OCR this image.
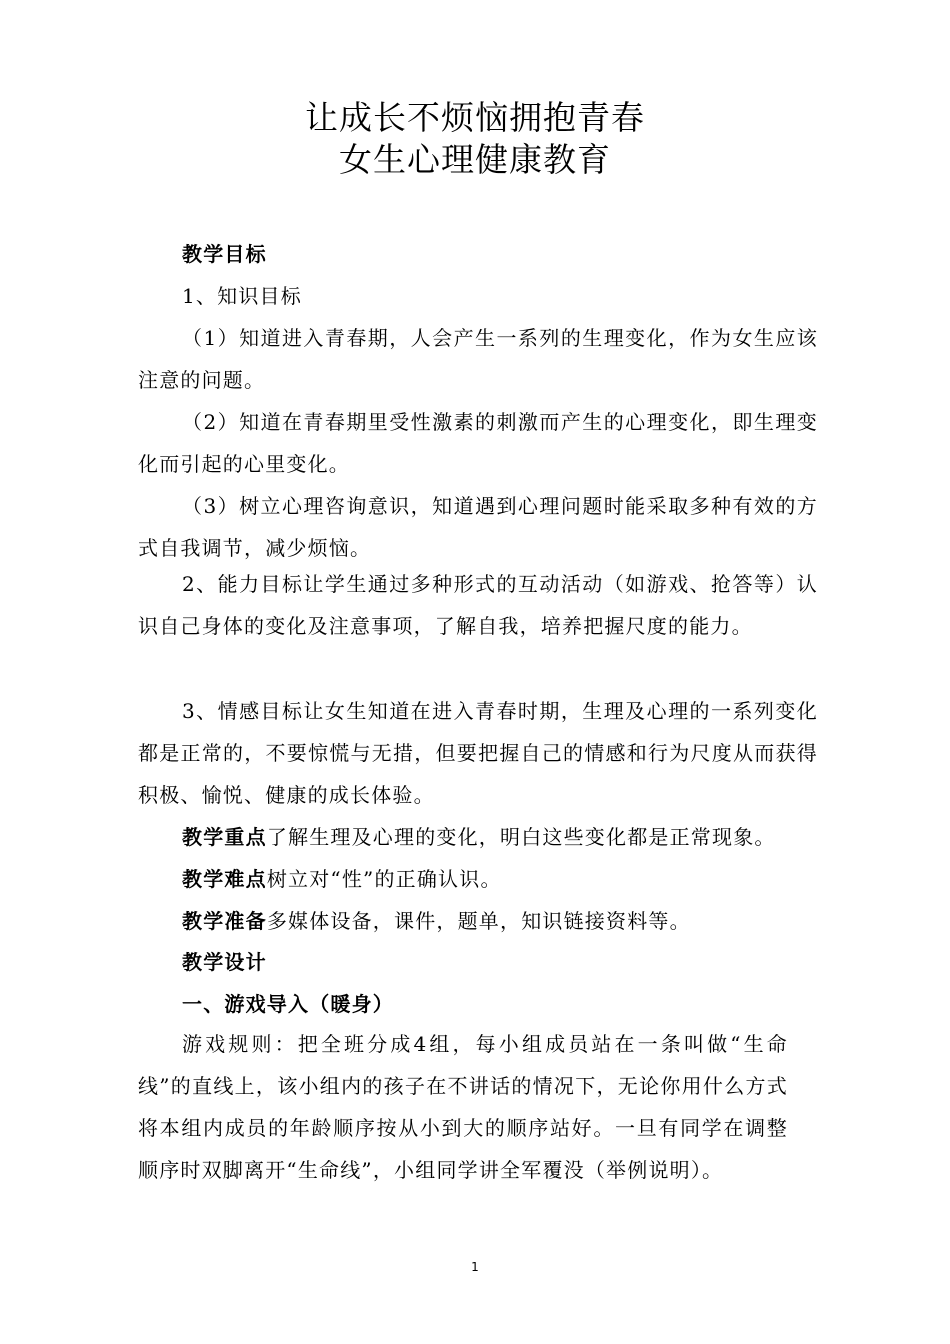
让成长不烦恼拥抱青春
女生心理健康教育
教学目标
1、知识目标
（1）知道进入青春期，人会产生一系列的生理变化，作为女生应该注意的问题。
（2）知道在青春期里受性激素的刺激而产生的心理变化，即生理变化而引起的心里变化。
（3）树立心理咨询意识，知道遇到心理问题时能采取多种有效的方式自我调节，减少烦恼。
2、能力目标让学生通过多种形式的互动活动（如游戏、抢答等）认识自己身体的变化及注意事项，了解自我，培养把握尺度的能力。
3、情感目标让女生知道在进入青春时期，生理及心理的一系列变化都是正常的，不要惊慌与无措，但要把握自己的情感和行为尺度从而获得积极、愉悦、健康的成长体验。
教学重点了解生理及心理的变化，明白这些变化都是正常现象。
教学难点树立对“性”的正确认识。
教学准备多媒体设备，课件，题单，知识链接资料等。
教学设计
一、游戏导入（暖身）
游戏规则：把全班分成4组，每小组成员站在一条叫做“生命线”的直线上，该小组内的孩子在不讲话的情况下，无论你用什么方式将本组内成员的年龄顺序按从小到大的顺序站好。一旦有同学在调整顺序时双脚离开“生命线”，小组同学讲全军覆没（举例说明）。
1
